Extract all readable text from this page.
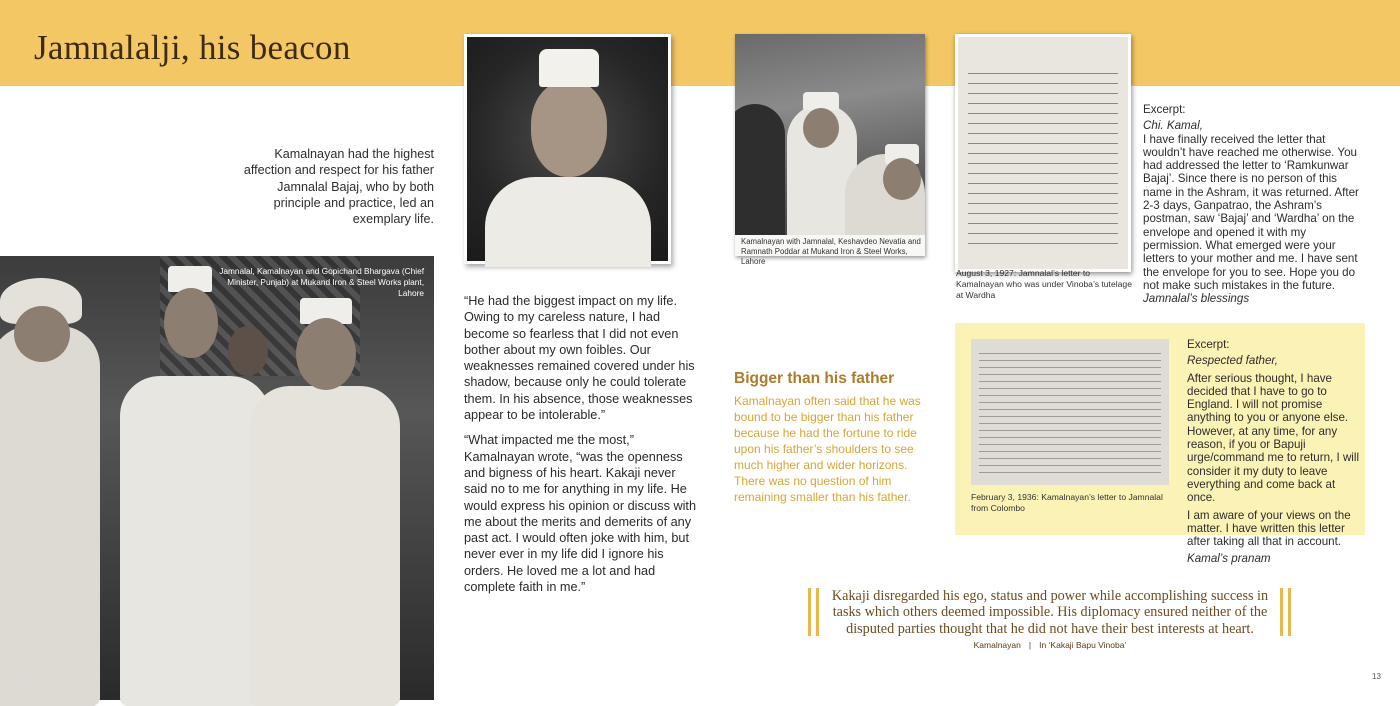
Jamnalalji, his beacon
Kamalnayan had the highest affection and respect for his father Jamnalal Bajaj, who by both principle and practice, led an exemplary life.
Jamnalal, Kamalnayan and Gopichand Bhargava (Chief Minister, Punjab) at Mukand Iron & Steel Works plant, Lahore
12

“He had the biggest impact on my life. Owing to my careless nature, I had become so fearless that I did not even bother about my own foibles. Our weaknesses remained covered under his shadow, because only he could tolerate them. In his absence, those weaknesses appear to be intolerable.”

“What impacted me the most,” Kamalnayan wrote, “was the openness and bigness of his heart. Kakaji never said no to me for anything in my life. He would express his opinion or discuss with me about the merits and demerits of any past act. I would often joke with him, but never ever in my life did I ignore his orders. He loved me a lot and had complete faith in me.”

Kamalnayan with Jamnalal, Keshavdeo Nevatia and Ramnath Poddar at Mukand Iron & Steel Works, Lahore
August 3, 1927: Jamnalal’s letter to Kamalnayan who was under Vinoba’s tutelage at Wardha
Excerpt:
Chi. Kamal,
I have finally received the letter that wouldn’t have reached me otherwise. You had addressed the letter to ‘Ramkunwar Bajaj’. Since there is no person of this name in the Ashram, it was returned. After 2-3 days, Ganpatrao, the Ashram’s postman, saw ‘Bajaj’ and ‘Wardha’ on the envelope and opened it with my permission. What emerged were your letters to your mother and me. I have sent the envelope for you to see. Hope you do not make such mistakes in the future.
Jamnalal’s blessings
Bigger than his father
Kamalnayan often said that he was bound to be bigger than his father because he had the fortune to ride upon his father’s shoulders to see much higher and wider horizons. There was no question of him remaining smaller than his father.	February 3, 1936: Kamalnayan’s letter to Jamnalal from Colombo
Excerpt:
Respected father,
After serious thought, I have decided that I have to go to England. I will not promise anything to you or anyone else. However, at any time, for any reason, if you or Bapuji urge/command me to return, I will consider it my duty to leave everything and come back at once.
I am aware of your views on the matter. I have written this letter after taking all that in account.
Kamal’s pranam
Kakaji disregarded his ego, status and power while accomplishing success in tasks which others deemed impossible. His diplomacy ensured neither of the disputed parties thought that he did not have their best interests at heart.
Kamalnayan | In ‘Kakaji Bapu Vinoba’
13
